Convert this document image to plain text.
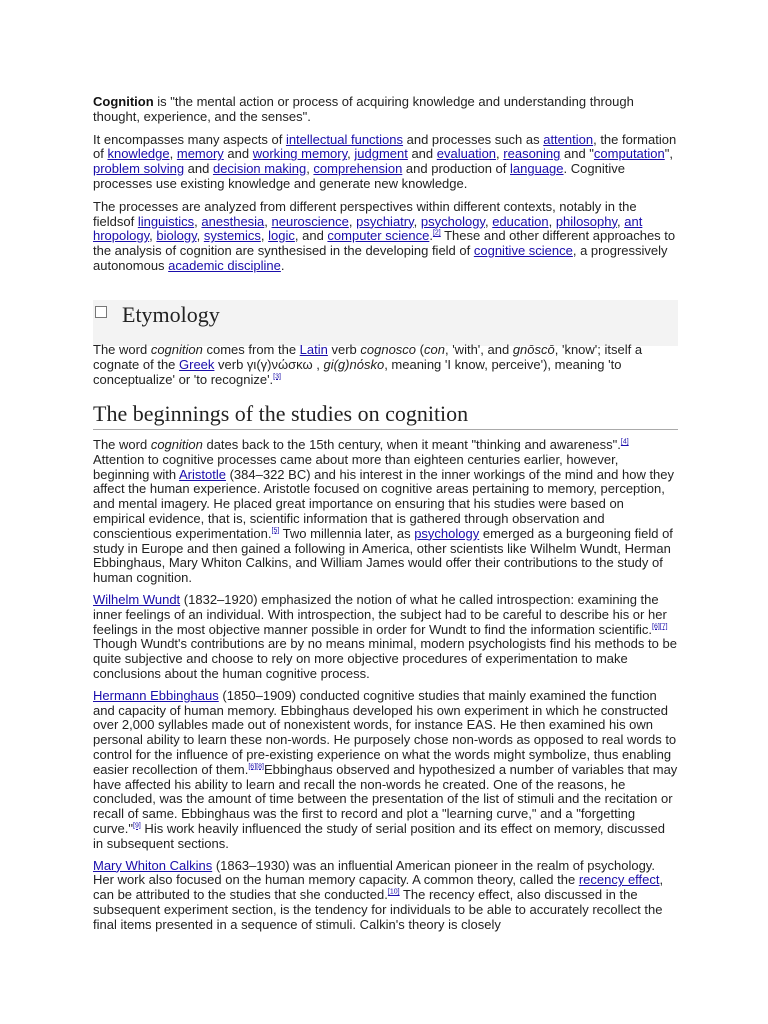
Cognition is "the mental action or process of acquiring knowledge and understanding through thought, experience, and the senses".

It encompasses many aspects of intellectual functions and processes such as attention, the formation of knowledge, memory and working memory, judgment and evaluation, reasoning and "computation", problem solving and decision making, comprehension and production of language. Cognitive processes use existing knowledge and generate new knowledge.

The processes are analyzed from different perspectives within different contexts, notably in the fieldsof linguistics, anesthesia, neuroscience, psychiatry, psychology, education, philosophy, ant hropology, biology, systemics, logic, and computer science.[2] These and other different approaches to the analysis of cognition are synthesised in the developing field of cognitive science, a progressively autonomous academic discipline.

Etymology

The word cognition comes from the Latin verb cognosco (con, 'with', and gnōscō, 'know'; itself a cognate of the Greek verb γι(γ)νώσκω , gi(g)nόsko, meaning 'I know, perceive'), meaning 'to conceptualize' or 'to recognize'.[3]

The beginnings of the studies on cognition

The word cognition dates back to the 15th century, when it meant "thinking and awareness".[4] Attention to cognitive processes came about more than eighteen centuries earlier, however, beginning with Aristotle (384–322 BC) and his interest in the inner workings of the mind and how they affect the human experience. Aristotle focused on cognitive areas pertaining to memory, perception, and mental imagery. He placed great importance on ensuring that his studies were based on empirical evidence, that is, scientific information that is gathered through observation and conscientious experimentation.[5] Two millennia later, as psychology emerged as a burgeoning field of study in Europe and then gained a following in America, other scientists like Wilhelm Wundt, Herman Ebbinghaus, Mary Whiton Calkins, and William James would offer their contributions to the study of human cognition.

Wilhelm Wundt (1832–1920) emphasized the notion of what he called introspection: examining the inner feelings of an individual. With introspection, the subject had to be careful to describe his or her feelings in the most objective manner possible in order for Wundt to find the information scientific.[6][7] Though Wundt's contributions are by no means minimal, modern psychologists find his methods to be quite subjective and choose to rely on more objective procedures of experimentation to make conclusions about the human cognitive process.

Hermann Ebbinghaus (1850–1909) conducted cognitive studies that mainly examined the function and capacity of human memory. Ebbinghaus developed his own experiment in which he constructed over 2,000 syllables made out of nonexistent words, for instance EAS. He then examined his own personal ability to learn these non-words. He purposely chose non-words as opposed to real words to control for the influence of pre-existing experience on what the words might symbolize, thus enabling easier recollection of them.[6][8]Ebbinghaus observed and hypothesized a number of variables that may have affected his ability to learn and recall the non-words he created. One of the reasons, he concluded, was the amount of time between the presentation of the list of stimuli and the recitation or recall of same. Ebbinghaus was the first to record and plot a "learning curve," and a "forgetting curve."[9] His work heavily influenced the study of serial position and its effect on memory, discussed in subsequent sections.

Mary Whiton Calkins (1863–1930) was an influential American pioneer in the realm of psychology. Her work also focused on the human memory capacity. A common theory, called the recency effect, can be attributed to the studies that she conducted.[10] The recency effect, also discussed in the subsequent experiment section, is the tendency for individuals to be able to accurately recollect the final items presented in a sequence of stimuli. Calkin's theory is closely
